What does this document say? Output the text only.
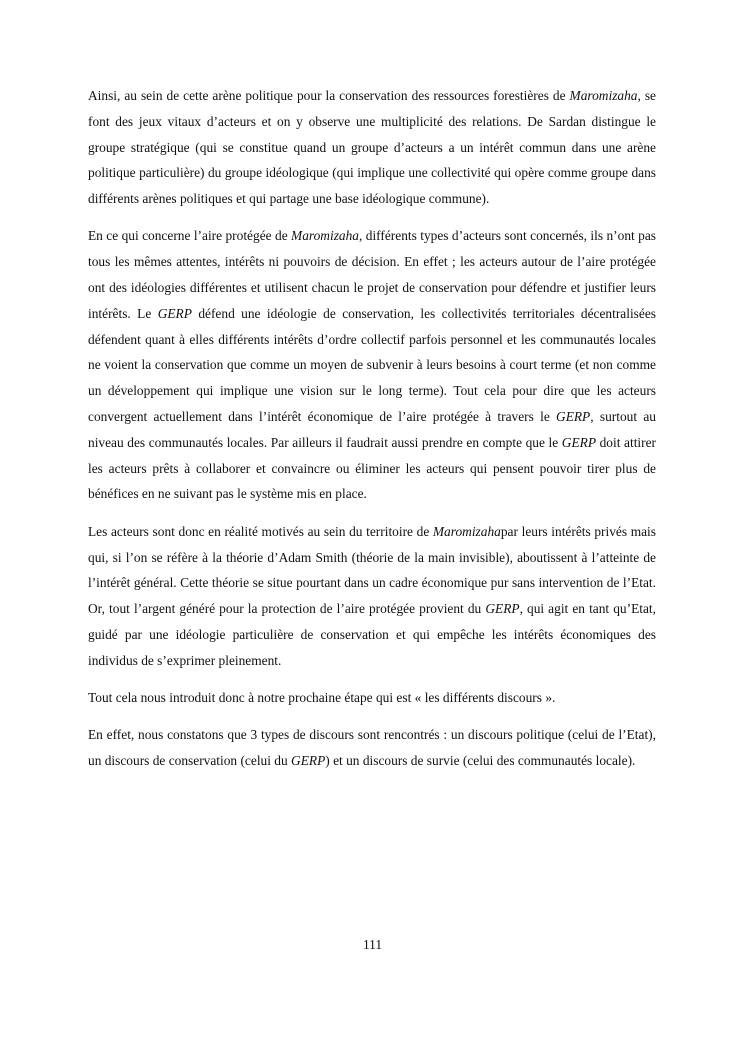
Ainsi, au sein de cette arène politique pour la conservation des ressources forestières de Maromizaha, se font des jeux vitaux d’acteurs et on y observe une multiplicité des relations. De Sardan distingue le groupe stratégique (qui se constitue quand un groupe d’acteurs a un intérêt commun dans une arène politique particulière) du groupe idéologique (qui implique une collectivité qui opère comme groupe dans différents arènes politiques et qui partage une base idéologique commune).

En ce qui concerne l’aire protégée de Maromizaha, différents types d’acteurs sont concernés, ils n’ont pas tous les mêmes attentes, intérêts ni pouvoirs de décision. En effet ; les acteurs autour de l’aire protégée ont des idéologies différentes et utilisent chacun le projet de conservation pour défendre et justifier leurs intérêts. Le GERP défend une idéologie de conservation, les collectivités territoriales décentralisées défendent quant à elles différents intérêts d’ordre collectif parfois personnel et les communautés locales ne voient la conservation que comme un moyen de subvenir à leurs besoins à court terme (et non comme un développement qui implique une vision sur le long terme). Tout cela pour dire que les acteurs convergent actuellement dans l’intérêt économique de l’aire protégée à travers le GERP, surtout au niveau des communautés locales. Par ailleurs il faudrait aussi prendre en compte que le GERP doit attirer les acteurs prêts à collaborer et convaincre ou éliminer les acteurs qui pensent pouvoir tirer plus de bénéfices en ne suivant pas le système mis en place.

Les acteurs sont donc en réalité motivés au sein du territoire de Maromizahapar leurs intérêts privés mais qui, si l’on se réfère à la théorie d’Adam Smith (théorie de la main invisible), aboutissent à l’atteinte de l’intérêt général. Cette théorie se situe pourtant dans un cadre économique pur sans intervention de l’Etat. Or, tout l’argent généré pour la protection de l’aire protégée provient du GERP, qui agit en tant qu’Etat, guidé par une idéologie particulière de conservation et qui empêche les intérêts économiques des individus de s’exprimer pleinement.

Tout cela nous introduit donc à notre prochaine étape qui est « les différents discours ».

En effet, nous constatons que 3 types de discours sont rencontrés : un discours politique (celui de l’Etat), un discours de conservation (celui du GERP) et un discours de survie (celui des communautés locale).

111
